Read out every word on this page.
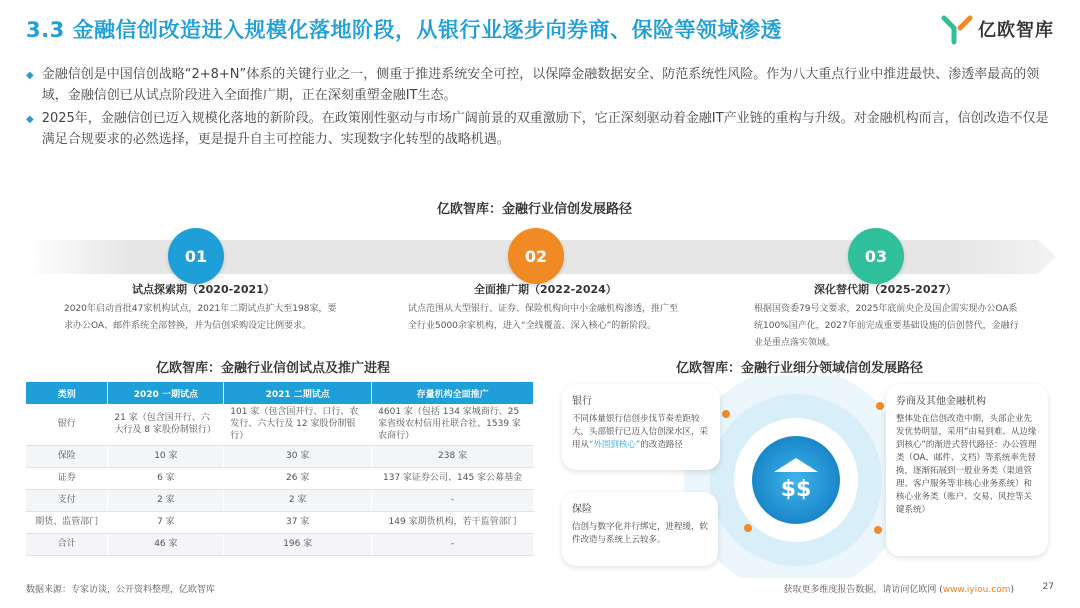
3.3 金融信创改造进入规模化落地阶段，从银行业逐步向券商、保险等领域渗透	亿欧智库
◆ 金融信创是中国信创战略“2+8+N”体系的关键行业之一，侧重于推进系统安全可控，以保障金融数据安全、防范系统性风险。作为八大重点行业中推进最快、渗透率最高的领域，金融信创已从试点阶段进入全面推广期，正在深刻重塑金融IT生态。
◆ 2025年，金融信创已迈入规模化落地的新阶段。在政策刚性驱动与市场广阔前景的双重激励下，它正深刻驱动着金融IT产业链的重构与升级。对金融机构而言，信创改造不仅是满足合规要求的必然选择，更是提升自主可控能力、实现数字化转型的战略机遇。
亿欧智库：金融行业信创发展路径
01	02	03
试点探索期（2020-2021）	全面推广期（2022-2024）	深化替代期（2025-2027）
2020年启动首批47家机构试点，2021年二期试点扩大至198家，要求办公OA、邮件系统全部替换，并为信创采购设定比例要求。
试点范围从大型银行、证券、保险机构向中小金融机构渗透，推广至全行业5000余家机构，进入“全线覆盖、深入核心”的新阶段。
根据国资委79号文要求，2025年底前央企及国企需实现办公OA系统100%国产化，2027年前完成重要基础设施的信创替代，金融行业是重点落实领域。
亿欧智库：金融行业信创试点及推广进程
类别	2020 一期试点	2021 二期试点	存量机构全面推广
银行	21 家（包含国开行、六大行及 8 家股份制银行）	101 家（包含国开行、口行、农发行、六大行及 12 家股份制银行）	4601 家（包括 134 家城商行、25 家省级农村信用社联合社、1539 家农商行）
保险	10 家	30 家	238 家
证券	6 家	26 家	137 家证券公司、145 家公募基金
支付	2 家	2 家	-
期货、监管部门	7 家	37 家	149 家期货机构，若干监管部门
合计	46 家	196 家	-
亿欧智库：金融行业细分领域信创发展路径
$$
银行
不同体量银行信创步伐节奏差距较大，头部银行已迈入信创深水区，采用从“外围到核心”的改造路径
保险
信创与数字化并行绑定，进程缓，软件改造与系统上云较多。
券商及其他金融机构
整体处在信创改造中期，头部企业先发优势明显，采用“由易到难、从边缘到核心”的渐进式替代路径：办公管理类（OA、邮件、文档）等系统率先替换，逐渐拓展到一般业务类（渠道管理、客户服务等非核心业务系统）和核心业务类（账户、交易、风控等关键系统）
数据来源：专家访谈，公开资料整理，亿欧智库	获取更多维度报告数据，请访问亿欧网 (www.iyiou.com)	27
